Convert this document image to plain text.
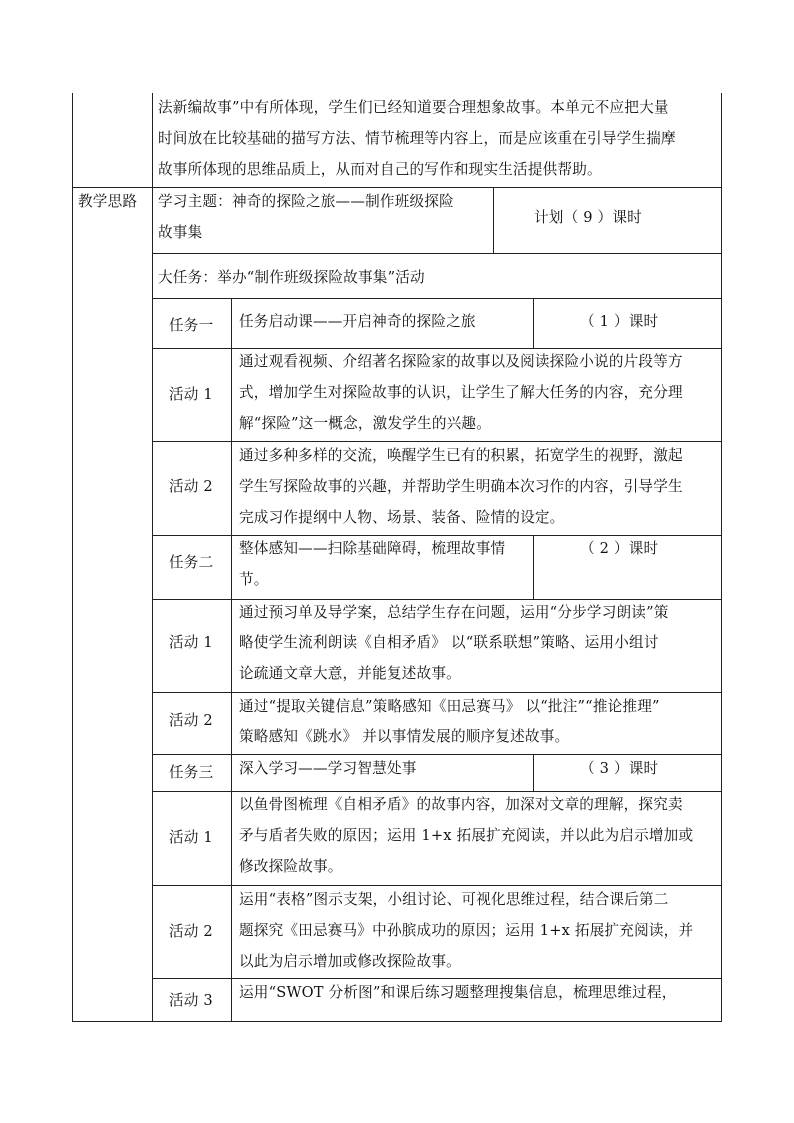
法新编故事”中有所体现，学生们已经知道要合理想象故事。本单元不应把大量
时间放在比较基础的描写方法、情节梳理等内容上，而是应该重在引导学生揣摩
故事所体现的思维品质上，从而对自己的写作和现实生活提供帮助。
教学思路 学习主题：神奇的探险之旅——制作班级探险
故事集
计划（ 9 ）课时
大任务：举办“制作班级探险故事集”活动
任务一 任务启动课——开启神奇的探险之旅	（ 1 ）课时
活动 1
通过观看视频、介绍著名探险家的故事以及阅读探险小说的片段等方
式，增加学生对探险故事的认识，让学生了解大任务的内容，充分理
解“探险”这一概念，激发学生的兴趣。
活动 2
通过多种多样的交流，唤醒学生已有的积累，拓宽学生的视野，激起
学生写探险故事的兴趣，并帮助学生明确本次习作的内容，引导学生
完成习作提纲中人物、场景、装备、险情的设定。
任务二
整体感知——扫除基础障碍，梳理故事情
节。
（ 2 ）课时
活动 1
通过预习单及导学案，总结学生存在问题，运用“分步学习朗读”策
略使学生流利朗读《自相矛盾》 以“联系联想”策略、运用小组讨
论疏通文章大意，并能复述故事。
活动 2
通过“提取关键信息”策略感知《田忌赛马》 以“批注”“推论推理”
策略感知《跳水》 并以事情发展的顺序复述故事。
任务三 深入学习——学习智慧处事	（ 3 ）课时
活动 1
以鱼骨图梳理《自相矛盾》的故事内容，加深对文章的理解，探究卖
矛与盾者失败的原因；运用 1+x 拓展扩充阅读，并以此为启示增加或
修改探险故事。
活动 2
运用“表格”图示支架，小组讨论、可视化思维过程，结合课后第二
题探究《田忌赛马》中孙膑成功的原因；运用 1+x 拓展扩充阅读，并
以此为启示增加或修改探险故事。
活动 3 运用“SWOT 分析图”和课后练习题整理搜集信息，梳理思维过程，
